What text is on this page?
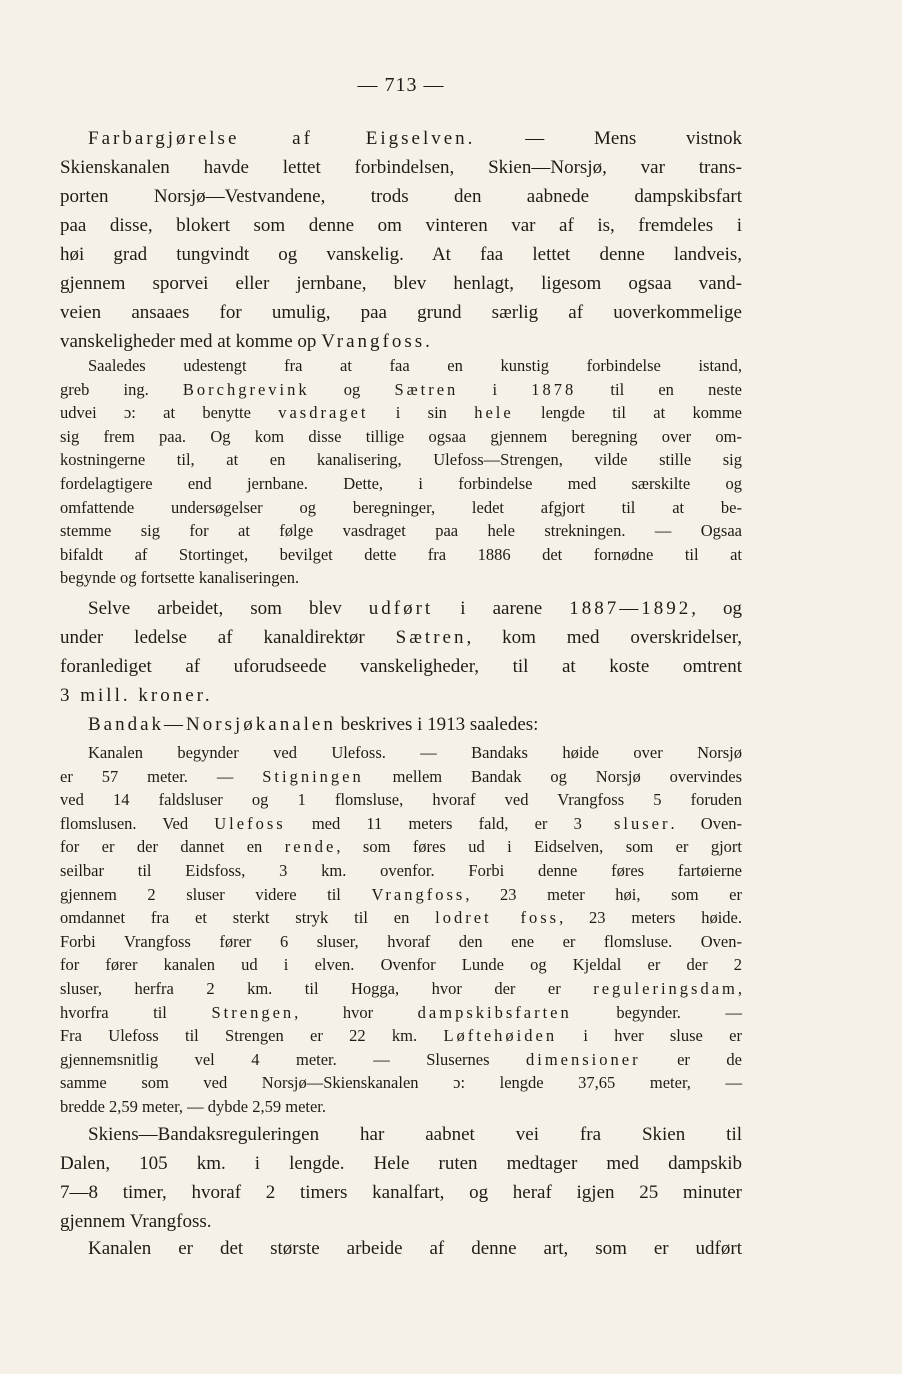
— 713 —
Farbargjørelse af Eigselven. — Mens vistnok
Skienskanalen havde lettet forbindelsen, Skien—Norsjø, var trans-
porten Norsjø—Vestvandene, trods den aabnede dampskibsfart
paa disse, blokert som denne om vinteren var af is, fremdeles i
høi grad tungvindt og vanskelig. At faa lettet denne landveis,
gjennem sporvei eller jernbane, blev henlagt, ligesom ogsaa vand-
veien ansaaes for umulig, paa grund særlig af uoverkommelige
vanskeligheder med at komme op Vrangfoss.
Saaledes udestengt fra at faa en kunstig forbindelse istand,
greb ing. Borchgrevink og Sætren i 1878 til en neste
udvei ɔ: at benytte vasdraget i sin hele lengde til at komme
sig frem paa. Og kom disse tillige ogsaa gjennem beregning over om-
kostningerne til, at en kanalisering, Ulefoss—Strengen, vilde stille sig
fordelagtigere end jernbane. Dette, i forbindelse med særskilte og
omfattende undersøgelser og beregninger, ledet afgjort til at be-
stemme sig for at følge vasdraget paa hele strekningen. — Ogsaa
bifaldt af Stortinget, bevilget dette fra 1886 det fornødne til at
begynde og fortsette kanaliseringen.
Selve arbeidet, som blev udført i aarene 1887—1892, og
under ledelse af kanaldirektør Sætren, kom med overskridelser,
foranlediget af uforudseede vanskeligheder, til at koste omtrent
3 mill. kroner.
Bandak—Norsjøkanalen beskrives i 1913 saaledes:
Kanalen begynder ved Ulefoss. — Bandaks høide over Norsjø
er 57 meter. — Stigningen mellem Bandak og Norsjø overvindes
ved 14 faldsluser og 1 flomsluse, hvoraf ved Vrangfoss 5 foruden
flomslusen. Ved Ulefoss med 11 meters fald, er 3 sluser. Oven-
for er der dannet en rende, som føres ud i Eidselven, som er gjort
seilbar til Eidsfoss, 3 km. ovenfor. Forbi denne føres fartøierne
gjennem 2 sluser videre til Vrangfoss, 23 meter høi, som er
omdannet fra et sterkt stryk til en lodret foss, 23 meters høide.
Forbi Vrangfoss fører 6 sluser, hvoraf den ene er flomsluse. Oven-
for fører kanalen ud i elven. Ovenfor Lunde og Kjeldal er der 2
sluser, herfra 2 km. til Hogga, hvor der er reguleringsdam,
hvorfra til Strengen, hvor dampskibsfarten begynder. —
Fra Ulefoss til Strengen er 22 km. Løftehøiden i hver sluse er
gjennemsnitlig vel 4 meter. — Slusernes dimensioner er de
samme som ved Norsjø—Skienskanalen ɔ: lengde 37,65 meter, —
bredde 2,59 meter, — dybde 2,59 meter.
Skiens—Bandaksreguleringen har aabnet vei fra Skien til
Dalen, 105 km. i lengde. Hele ruten medtager med dampskib
7—8 timer, hvoraf 2 timers kanalfart, og heraf igjen 25 minuter
gjennem Vrangfoss.
Kanalen er det største arbeide af denne art, som er udført
